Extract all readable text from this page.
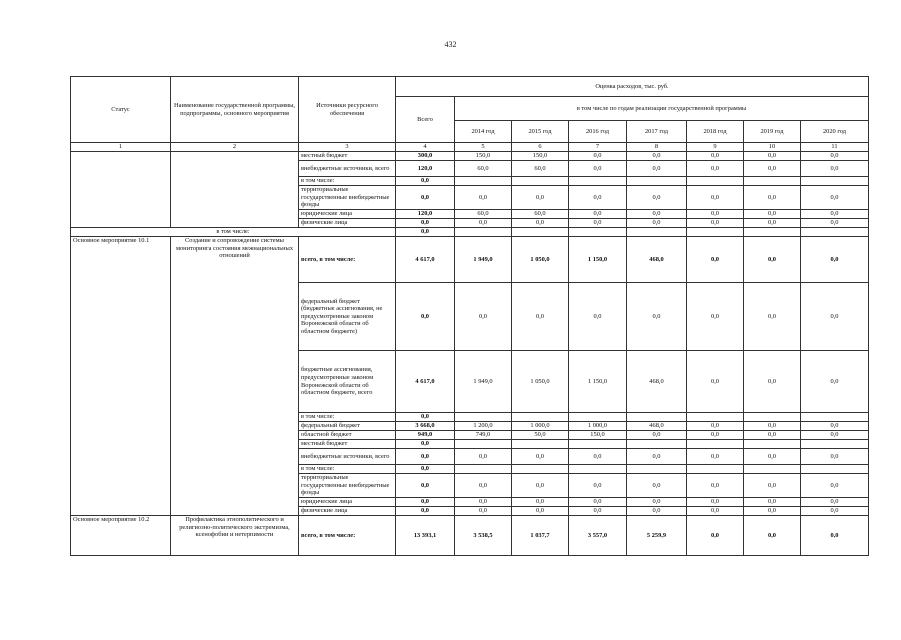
432
Статус	Наименование государственной программы, подпрограммы, основного мероприятия	Источники ресурсного обеспечения	Оценка расходов, тыс. руб.							
			Всего	в том числе по годам реализации государственной программы						
				2014 год	2015 год	2016 год	2017 год	2018 год	2019 год	2020 год
1	2	3	4	5	6	7	8	9	10	11
		местный бюджет	300,0	150,0	150,0	0,0	0,0	0,0	0,0	0,0
		внебюджетные источники, всего	120,0	60,0	60,0	0,0	0,0	0,0	0,0	0,0
		в том числе:	0,0							
		территориальные государственные внебюджетные фонды	0,0	0,0	0,0	0,0	0,0	0,0	0,0	0,0
		юридические лица	120,0	60,0	60,0	0,0	0,0	0,0	0,0	0,0
		физические лица	0,0	0,0	0,0	0,0	0,0	0,0	0,0	0,0
в том числе:			0,0							
Основное мероприятие 10.1	Создание и сопровождение системы мониторинга состояния межнациональных отношений	всего, в том числе:	4 617,0	1 949,0	1 050,0	1 150,0	468,0	0,0	0,0	0,0
		федеральный бюджет (бюджетные ассигнования, не предусмотренные законом Воронежской области об областном бюджете)	0,0	0,0	0,0	0,0	0,0	0,0	0,0	0,0
		бюджетные ассигнования, предусмотренные законом Воронежской области об областном бюджете, всего	4 617,0	1 949,0	1 050,0	1 150,0	468,0	0,0	0,0	0,0
		в том числе:	0,0							
		федеральный бюджет	3 668,0	1 200,0	1 000,0	1 000,0	468,0	0,0	0,0	0,0
		областной бюджет	949,0	749,0	50,0	150,0	0,0	0,0	0,0	0,0
		местный бюджет	0,0							
		внебюджетные источники, всего	0,0	0,0	0,0	0,0	0,0	0,0	0,0	0,0
		в том числе:	0,0							
		территориальные государственные внебюджетные фонды	0,0	0,0	0,0	0,0	0,0	0,0	0,0	0,0
		юридические лица	0,0	0,0	0,0	0,0	0,0	0,0	0,0	0,0
		физические лица	0,0	0,0	0,0	0,0	0,0	0,0	0,0	0,0
Основное мероприятие 10.2	Профилактика этнополитического и религиозно-политического экстремизма, ксенофобии и нетерпимости	всего, в том числе:	13 393,1	3 538,5	1 037,7	3 557,0	5 259,9	0,0	0,0	0,0
